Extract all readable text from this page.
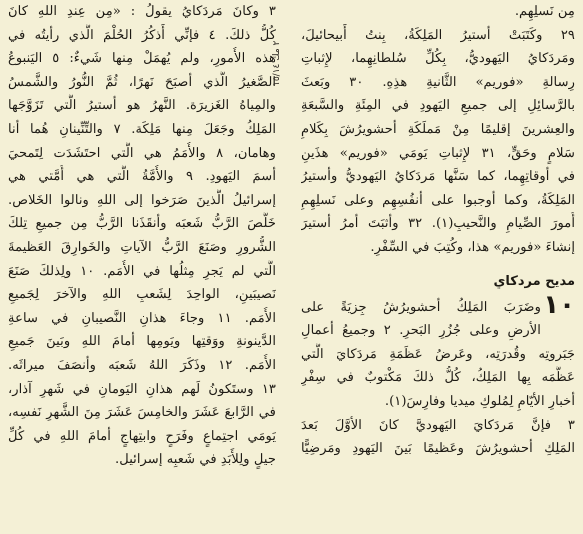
مِن نَسلِهِم.
٢٩ وكَتَبَتْ أستيرُ المَلِكَةُ، بِنتُ أَبيحائيلَ،
ومَردَكايُ اليَهوديُّ، بِكُلِّ سُلطانِهِما، لإِثباتِ
رِسالةِ «فوريم» الثَّانيةِ هذِهِ. ٣٠ وبَعثَ
بالرَّسائِلِ إلى جميعِ اليَهودِ في المِئَةِ والسَّبعَةِ
والعِشرينَ إقليمًا مِنْ مَملَكَةِ أحشويرُشَ بِكَلامِ
سَلامٍ وحَقٍّ، ٣١ لإِثباتِ يَومَي «فوريم» هذَينِ
في أوقاتِهِما، كما سَنَّها مَردَكايُ اليَهوديُّ وأستيرُ
المَلِكَةُ، وكما أوجبوا على أنفُسِهِم وعلى نَسلِهِمِ
أُمورَ الصِّيامِ والنَّحيبِ(١). ٣٢ وأثبَتَ أمرُ أستيرَ
إنشاءَ «فوريم» هذا، وكُتِبَ في السِّفْرِ.
مديح مردكاي
١٠
وضَرَبَ المَلِكُ أحشويرُشُ جِزيَةً على
الأرضِ وعلى جُزُرِ البَحرِ. ٢ وجميعُ أعمالِ
جَبَروتِه وقُدرَتِه، وعَرضُ عَظَمَةِ مَردَكايَ الَّتي
عَظَّمَه بِها المَلِكُ، كُلُّ ذلكَ مَكْتوبٌ في سِفْرِ
أخبارِ الأيّامِ لِمُلوكِ ميديا وفارِسَ(١).
٣ فإنَّ مَردَكايَ اليَهوديَّ كانَ الأوَّلَ بَعدَ
المَلِكِ أحشويرُشَ وعَظيمًا بَينَ اليَهودِ ومَرضِيًّا
٣ وكانَ مَردَكايُ يقولُ : «مِن عِندِ اللهِ كانَ
كُلُّ ذلكَ. ٤ فإنِّي أَذكُرُ الحُلْمَ الَّذي رأيتُه في
هذه الأُمورِ، ولم يُهمَلْ مِنها شَيءٌ: ٥ اليَنبوعُ
الصَّغيرُ الَّذي أصبَحَ نَهرًا، ثُمَّ النُّورُ والشَّمسُ
والمِياهُ الغَزيرَة. النَّهرُ هو أستيرُ الَّتي تَزَوَّجَها
المَلِكُ وجَعَلَ مِنها مَلِكَة. ٧ والتِّنِّينانِ هُما أنا
وهامان، ٨ والأُمَمُ هي الَّتي احتَشَدَت لِتَمحيَ
أسمَ اليَهودِ. ٩ والأُمَّةُ الَّتي هي أُمَّتي هي
إسرائيلُ الَّذينَ صَرَخوا إلى اللهِ ونالوا الخَلاص.
خَلَّصَ الرَّبُّ شَعبَه وأنقَذَنا الرَّبُّ مِن جميعِ تِلكَ
الشُّرورِ وصَنَعَ الرَّبُّ الآياتِ والخَوارِقَ العَظيمةَ
الَّتي لم يَجرِ مِثلُها في الأُمَم. ١٠ ولِذلكَ صَنَعَ
نَصيبَينِ، الواحِدَ لِشَعبِ اللهِ والآخرَ لِجَميعِ
الأُمَم. ١١ وجاءَ هذانِ النَّصيبانِ في ساعةِ
الدَّينونةِ ووَقتِها ويَومِها أمامَ اللهِ وبَينَ جَميعِ
الأُمَم. ١٢ وذَكَرَ اللهُ شَعبَه وأنصَفَ ميراثَه.
١٣ وستَكونُ لَهم هذانِ اليَومانِ في شَهرِ آذار،
في الرَّابعَ عَشَرَ والخامِسَ عَشَرَ مِنَ الشَّهرِ نَفسِه،
يَومَي اجتِماعٍ وفَرَحٍ وابتِهاجٍ أمامَ اللهِ في كُلِّ
جيلٍ ولِلأَبَدِ في شَعبِه إسرائيل.
٢ مك ١٥/١٤
